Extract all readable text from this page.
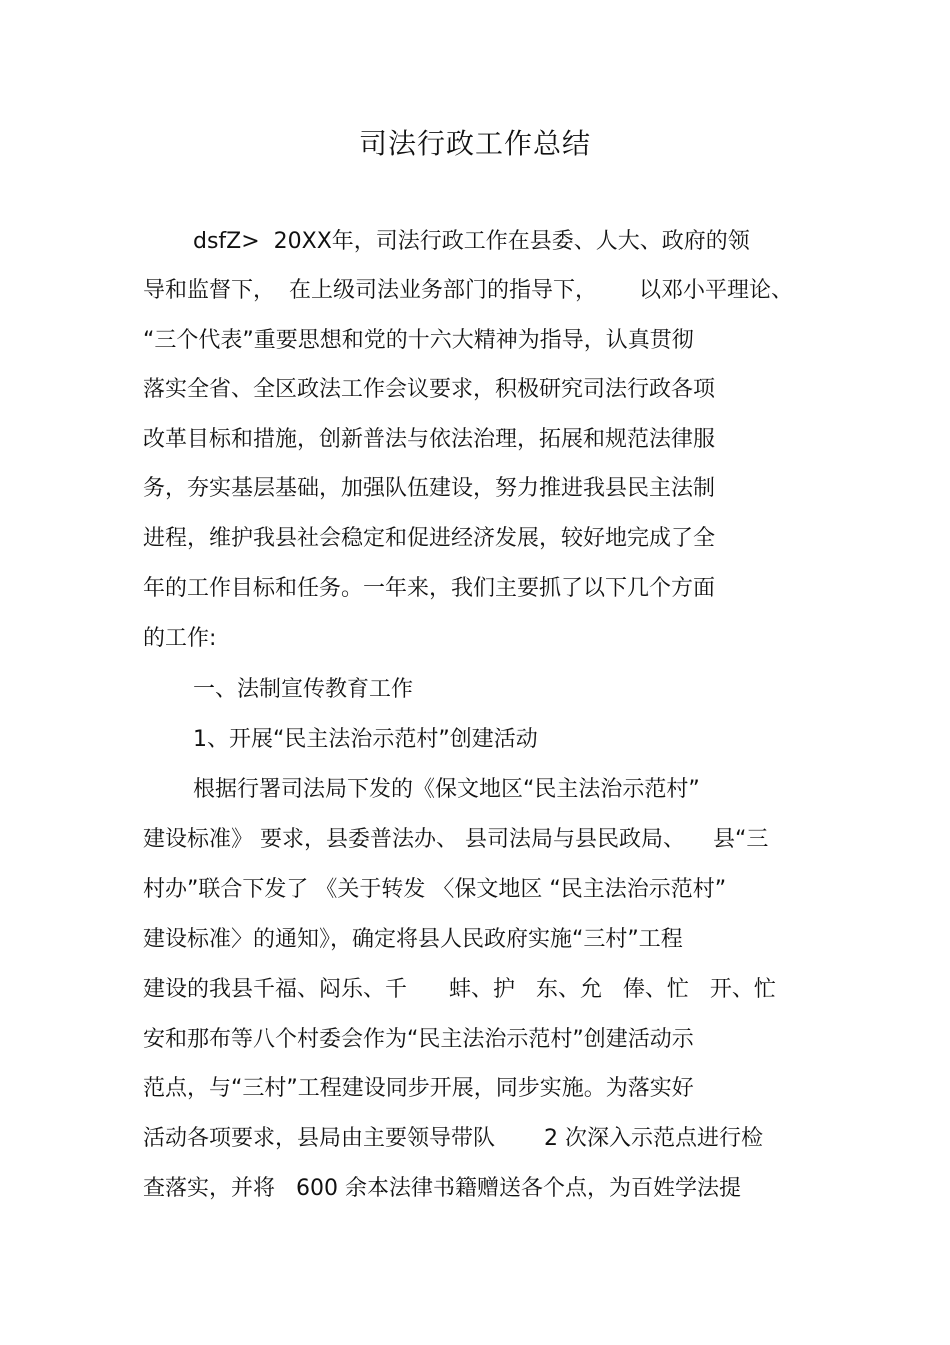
司法行政工作总结

dsfZ>  20XX年，司法行政工作在县委、人大、政府的领

导和监督下，  在上级司法业务部门的指导下，      以邓小平理论、

“三个代表”重要思想和党的十六大精神为指导，认真贯彻

落实全省、全区政法工作会议要求，积极研究司法行政各项

改革目标和措施，创新普法与依法治理，拓展和规范法律服

务，夯实基层基础，加强队伍建设，努力推进我县民主法制

进程，维护我县社会稳定和促进经济发展，较好地完成了全

年的工作目标和任务。一年来，我们主要抓了以下几个方面

的工作:

一、法制宣传教育工作

1、开展“民主法治示范村”创建活动

根据行署司法局下发的《保文地区“民主法治示范村”

建设标准》 要求，县委普法办、 县司法局与县民政局、    县“三

村办”联合下发了 《关于转发 〈保文地区 “民主法治示范村”

建设标准〉的通知》，确定将县人民政府实施“三村”工程

建设的我县千福、闷乐、千      蚌、护   东、允   俸、忙   开、忙

安和那布等八个村委会作为“民主法治示范村”创建活动示

范点，与“三村”工程建设同步开展，同步实施。为落实好

活动各项要求，县局由主要领导带队       2 次深入示范点进行检

查落实，并将   600 余本法律书籍赠送各个点，为百姓学法提
